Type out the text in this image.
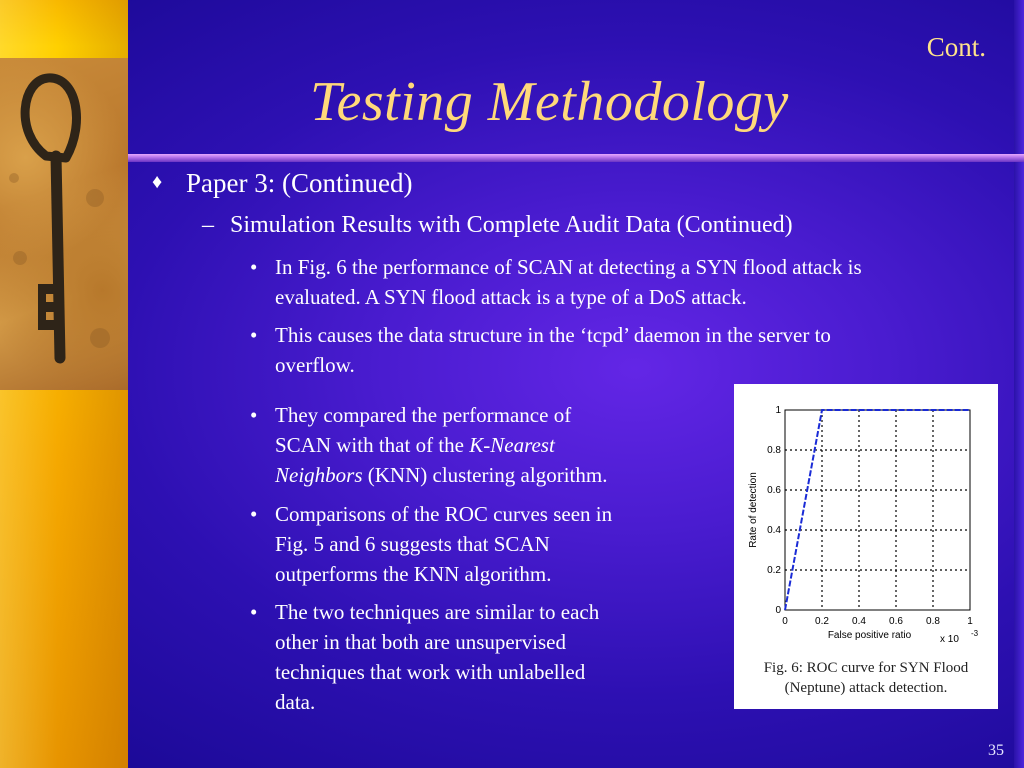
Cont.
Testing Methodology
♦ Paper 3: (Continued)
– Simulation Results with Complete Audit Data (Continued)
• In Fig. 6 the performance of SCAN at detecting a SYN flood attack is
evaluated. A SYN flood attack is a type of a DoS attack.
• This causes the data structure in the ‘tcpd’ daemon in the server to
overflow.
• They compared the performance of
SCAN with that of the K-Nearest
Neighbors (KNN) clustering algorithm.
• Comparisons of the ROC curves seen in
Fig. 5 and 6 suggests that SCAN
outperforms the KNN algorithm.
• The two techniques are similar to each
other in that both are unsupervised
techniques that work with unlabelled
data.
0	0.2 0.4 0.6 0.8	1
0
0.2
0.4
0.6
0.8
1
False positive ratio	x 10
-3
Rate of detection
Fig. 6: ROC curve for SYN Flood
(Neptune) attack detection.
35
